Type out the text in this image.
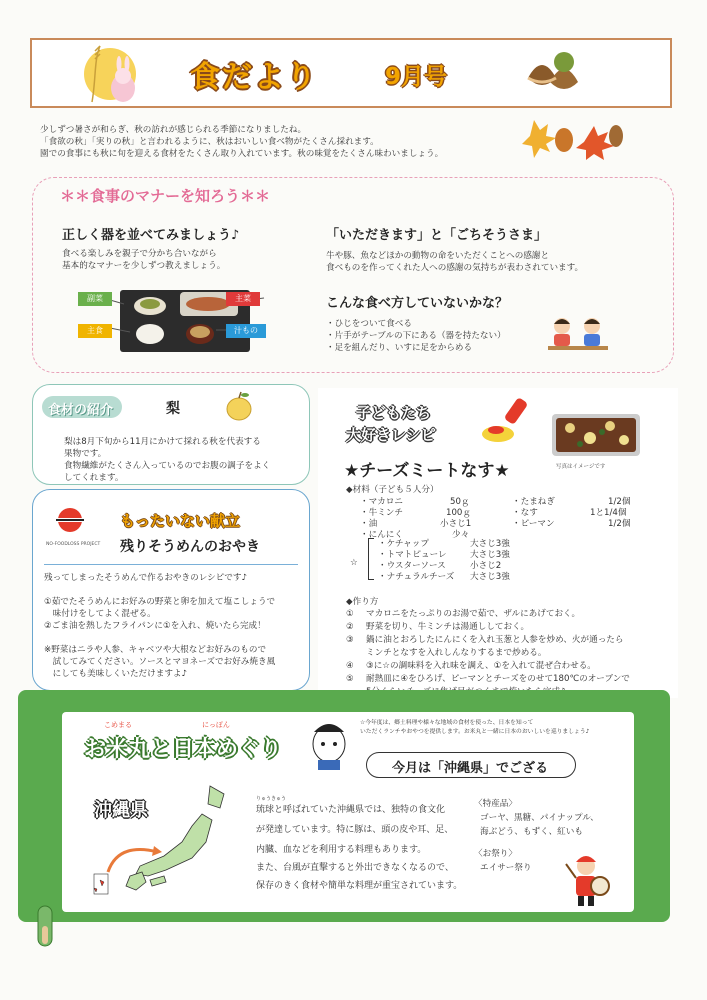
食だより	9月号
少しずつ暑さが和らぎ、秋の訪れが感じられる季節になりましたね。
「食欲の秋」「実りの秋」と言われるように、秋はおいしい食べ物がたくさん採れます。
園での食事にも秋に旬を迎える食材をたくさん取り入れています。秋の味覚をたくさん味わいましょう。
＊＊食事のマナーを知ろう＊＊
正しく器を並べてみましょう♪
食べる楽しみを親子で分かち合いながら
基本的なマナーを少しずつ教えましょう。
副菜	主菜
主食	汁もの
「いただきます」と「ごちそうさま」
牛や豚、魚などほかの動物の命をいただくことへの感謝と
食べものを作ってくれた人への感謝の気持ちが表わされています。
こんな食べ方していないかな？
・ひじをついて食べる
・片手がテーブルの下にある（器を持たない）
・足を組んだり、いすに足をからめる
食材の紹介	梨
梨は8月下旬から11月にかけて採れる秋を代表する
果物です。
食物繊維がたくさん入っているのでお腹の調子をよく
してくれます。
NO-FOODLOSS PROJECT
もったいない献立
残りそうめんのおやき
残ってしまったそうめんで作るおやきのレシピです♪
①茹でたそうめんにお好みの野菜と卵を加えて塩こしょうで
　味付けをしてよく混ぜる。
②ごま油を熱したフライパンに①を入れ、焼いたら完成！
※野菜はニラや人参、キャベツや大根などお好みのもので
　試してみてください。ソースとマヨネーズでお好み焼き風
　にしても美味しくいただけますよ♪
子どもたち
大好きレシピ
写真はイメージです
★チーズミートなす★
◆材料（子ども５人分）
・マカロニ	50ｇ
・牛ミンチ	100ｇ
・油	小さじ1
・にんにく	少々
・たまねぎ	1/2個
・なす	1と1/4個
・ピーマン	1/2個
☆
・ケチャップ	大さじ3強
・トマトピューレ	大さじ3強
・ウスターソース	小さじ2
・ナチュラルチーズ 大さじ3強
◆作り方
① マカロニをたっぷりのお湯で茹で、ザルにあげておく。
② 野菜を切り、牛ミンチは湯通ししておく。
③ 鍋に油とおろしたにんにくを入れ玉葱と人参を炒め、火が通ったら
ミンチとなすを入れしんなりするまで炒める。
④ ③に☆の調味料を入れ味を調え、①を入れて混ぜ合わせる。
⑤ 耐熱皿に④をひろげ、ピーマンとチーズをのせて180℃のオーブンで
こめまる	にっぽん
お米丸と日本めぐり
☆今年度は、郷土料理や様々な地域の食材を使った、日本を知って
いただくランチやおやつを提供します。お米丸と一緒に日本のおいしいを巡りましょう♪
今月は「沖縄県」でござる
沖縄県
りゅうきゅう
琉球と呼ばれていた沖縄県では、独特の食文化
が発達しています。特に豚は、頭の皮や耳、足、
内臓、血などを利用する料理もあります。
また、台風が直撃すると外出できなくなるので、
保存のきく食材や簡単な料理が重宝されています。
〈特産品〉
ゴーヤ、黒糖、パイナップル、
海ぶどう、もずく、紅いも
〈お祭り〉
エイサー祭り
